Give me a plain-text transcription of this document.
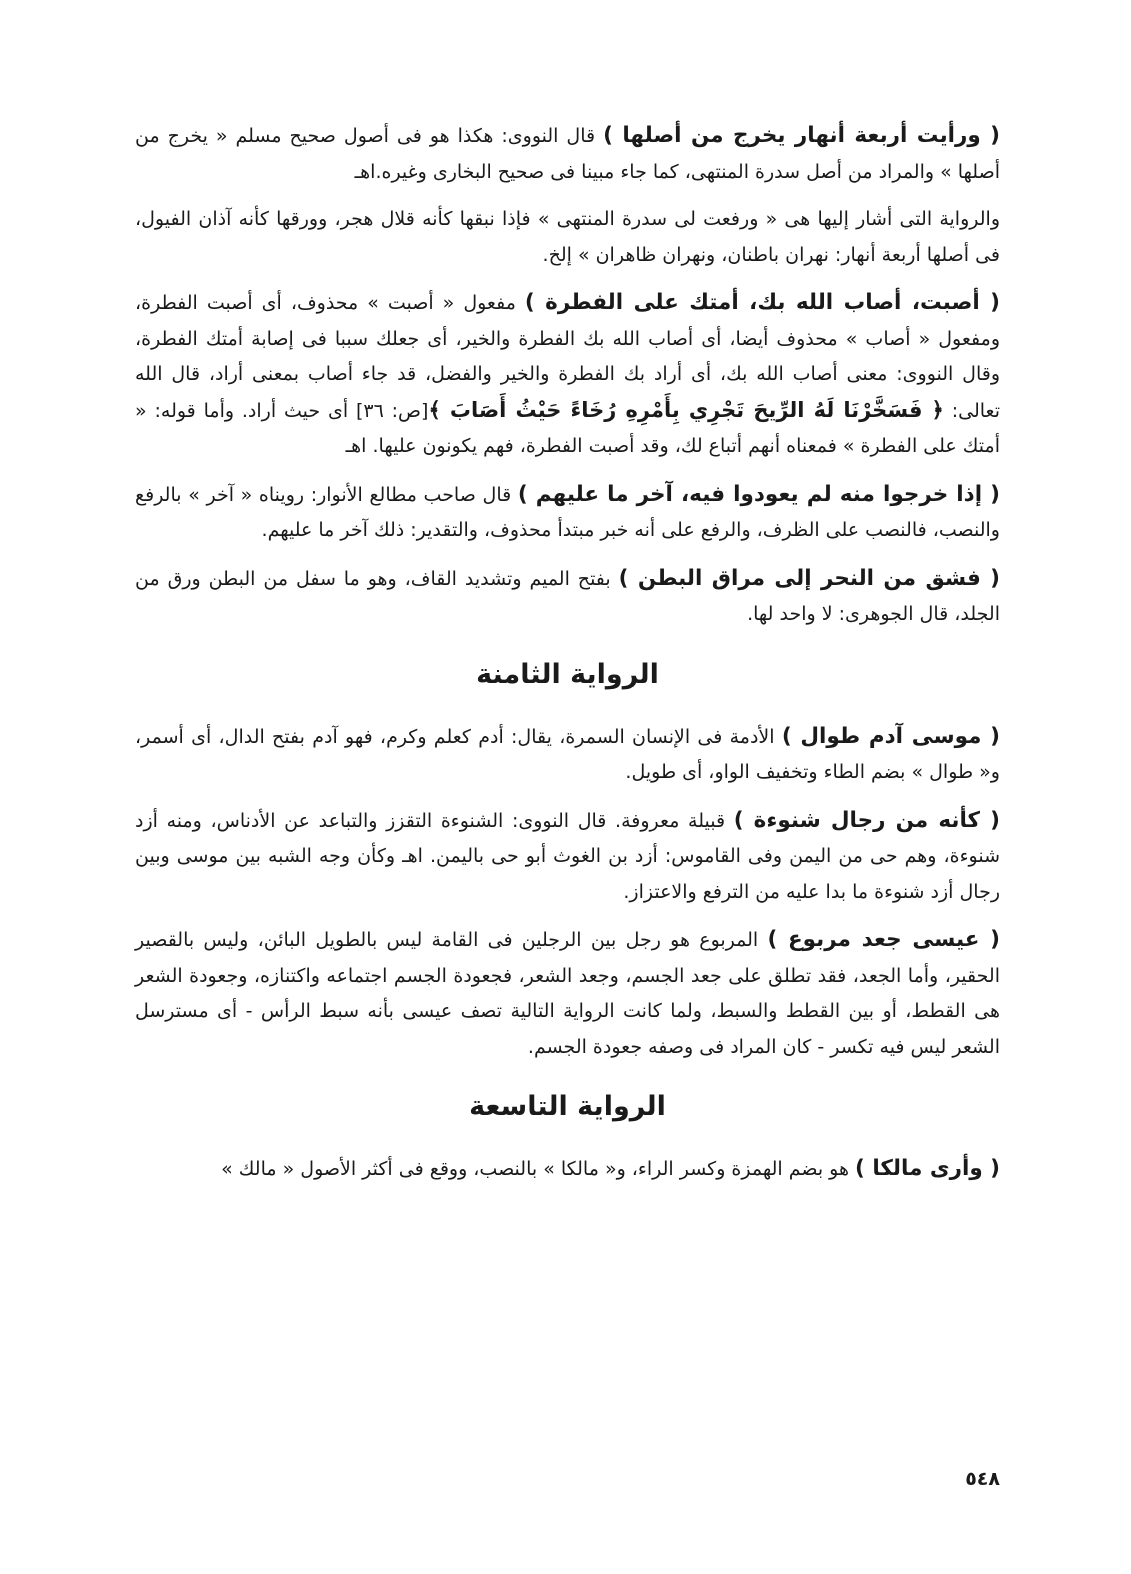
( ورأيت أربعة أنهار يخرج من أصلها ) قال النووى: هكذا هو فى أصول صحيح مسلم « يخرج من أصلها » والمراد من أصل سدرة المنتهى، كما جاء مبينا فى صحيح البخارى وغيره.اهـ

والرواية التى أشار إليها هى « ورفعت لى سدرة المنتهى » فإذا نبقها كأنه قلال هجر، وورقها كأنه آذان الفيول، فى أصلها أربعة أنهار: نهران باطنان، ونهران ظاهران » إلخ.

( أصبت، أصاب الله بك، أمتك على الفطرة ) مفعول « أصبت » محذوف، أى أصبت الفطرة، ومفعول « أصاب » محذوف أيضا، أى أصاب الله بك الفطرة والخير، أى جعلك سببا فى إصابة أمتك الفطرة، وقال النووى: معنى أصاب الله بك، أى أراد بك الفطرة والخير والفضل، قد جاء أصاب بمعنى أراد، قال الله تعالى: ﴿ فَسَخَّرْنَا لَهُ الرِّيحَ تَجْرِي بِأَمْرِهِ رُخَاءً حَيْثُ أَصَابَ ﴾[ص: ٣٦] أى حيث أراد. وأما قوله: « أمتك على الفطرة » فمعناه أنهم أتباع لك، وقد أصبت الفطرة، فهم يكونون عليها. اهـ

( إذا خرجوا منه لم يعودوا فيه، آخر ما عليهم ) قال صاحب مطالع الأنوار: رويناه « آخر » بالرفع والنصب، فالنصب على الظرف، والرفع على أنه خبر مبتدأ محذوف، والتقدير: ذلك آخر ما عليهم.

( فشق من النحر إلى مراق البطن ) بفتح الميم وتشديد القاف، وهو ما سفل من البطن ورق من الجلد، قال الجوهرى: لا واحد لها.

الرواية الثامنة

( موسى آدم طوال ) الأدمة فى الإنسان السمرة، يقال: أدم كعلم وكرم، فهو آدم بفتح الدال، أى أسمر، و« طوال » بضم الطاء وتخفيف الواو، أى طويل.

( كأنه من رجال شنوءة ) قبيلة معروفة. قال النووى: الشنوءة التقزز والتباعد عن الأدناس، ومنه أزد شنوءة، وهم حى من اليمن وفى القاموس: أزد بن الغوث أبو حى باليمن. اهـ وكأن وجه الشبه بين موسى وبين رجال أزد شنوءة ما بدا عليه من الترفع والاعتزاز.

( عيسى جعد مربوع ) المربوع هو رجل بين الرجلين فى القامة ليس بالطويل البائن، وليس بالقصير الحقير، وأما الجعد، فقد تطلق على جعد الجسم، وجعد الشعر، فجعودة الجسم اجتماعه واكتنازه، وجعودة الشعر هى القطط، أو بين القطط والسبط، ولما كانت الرواية التالية تصف عيسى بأنه سبط الرأس - أى مسترسل الشعر ليس فيه تكسر - كان المراد فى وصفه جعودة الجسم.

الرواية التاسعة

( وأرى مالكا ) هو بضم الهمزة وكسر الراء، و« مالكا » بالنصب، ووقع فى أكثر الأصول « مالك »

٥٤٨
